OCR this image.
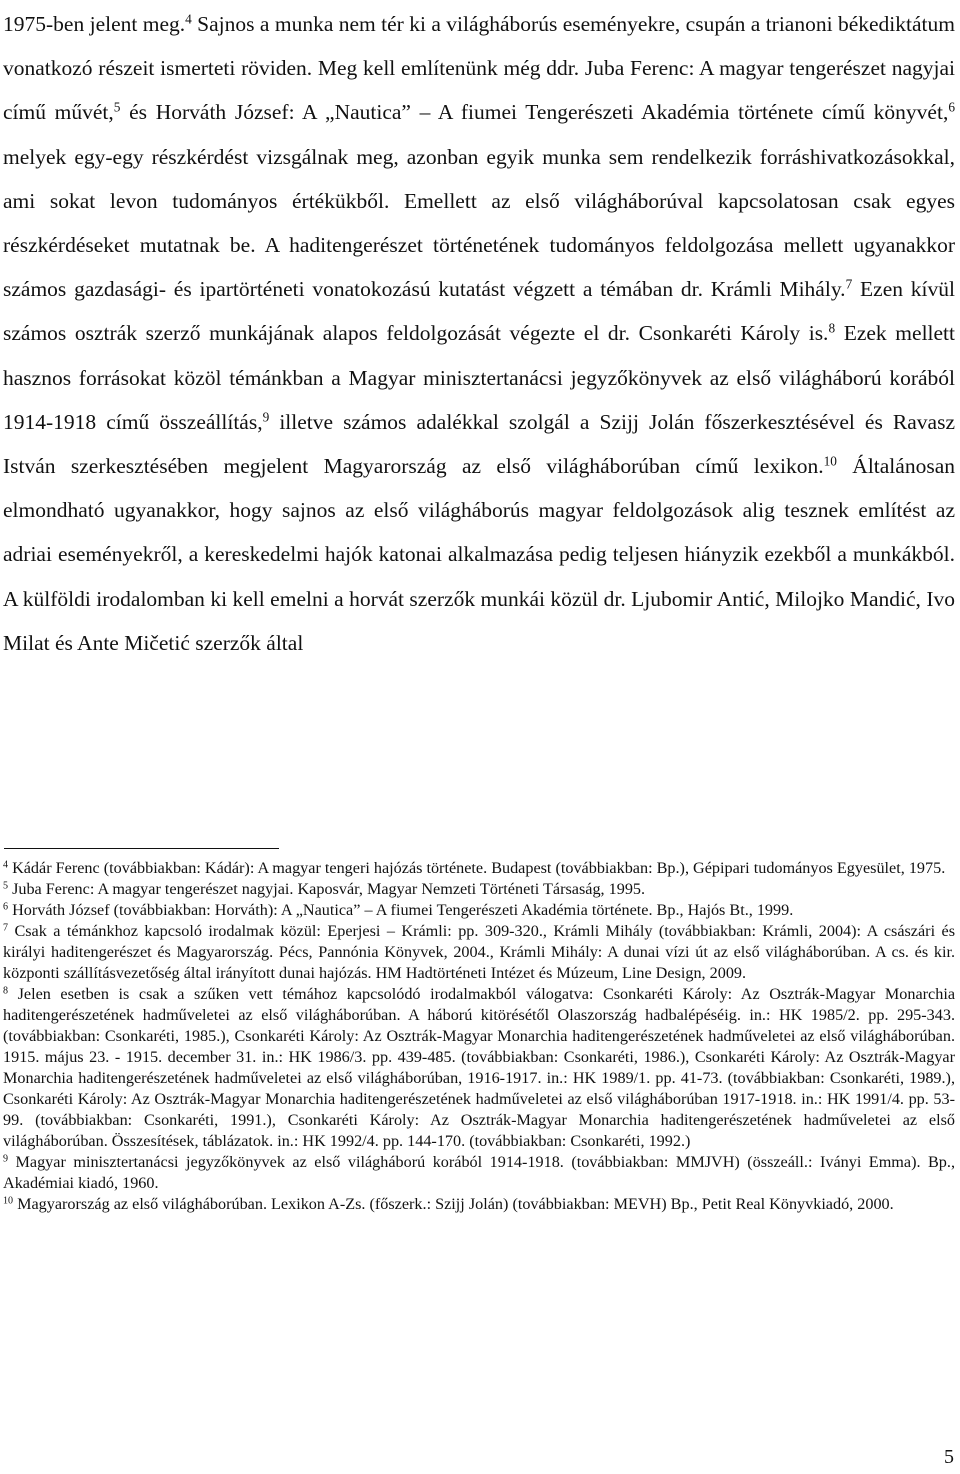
1975-ben jelent meg.$^4$ Sajnos a munka nem tér ki a világháborús eseményekre, csupán a trianoni békediktátum vonatkozó részeit ismerteti röviden. Meg kell említenünk még ddr. Juba Ferenc: A magyar tengerészet nagyjai című művét,$^5$ és Horváth József: A „Nautica” – A fiumei Tengerészeti Akadémia története című könyvét,$^6$ melyek egy-egy részkérdést vizsgálnak meg, azonban egyik munka sem rendelkezik forráshivatkozásokkal, ami sokat levon tudományos értékükből. Emellett az első világháborúval kapcsolatosan csak egyes részkérdéseket mutatnak be. A haditengerészet történetének tudományos feldolgozása mellett ugyanakkor számos gazdasági- és ipartörténeti vonatokozású kutatást végzett a témában dr. Krámli Mihály.$^7$ Ezen kívül számos osztrák szerző munkájának alapos feldolgozását végezte el dr. Csonkaréti Károly is.$^8$ Ezek mellett hasznos forrásokat közöl témánkban a Magyar minisztertanácsi jegyzőkönyvek az első világháború korából 1914-1918 című összeállítás,$^9$ illetve számos adalékkal szolgál a Szijj Jolán főszerkesztésével és Ravasz István szerkesztésében megjelent Magyarország az első világháborúban című lexikon.$^{10}$ Általánosan elmondható ugyanakkor, hogy sajnos az első világháborús magyar feldolgozások alig tesznek említést az adriai eseményekről, a kereskedelmi hajók katonai alkalmazása pedig teljesen hiányzik ezekből a munkákból. A külföldi irodalomban ki kell emelni a horvát szerzők munkái közül dr. Ljubomir Antić, Milojko Mandić, Ivo Milat és Ante Mičetić szerzők által

$^4$ Kádár Ferenc (továbbiakban: Kádár): A magyar tengeri hajózás története. Budapest (továbbiakban: Bp.), Gépipari tudományos Egyesület, 1975.

$^5$ Juba Ferenc: A magyar tengerészet nagyjai. Kaposvár, Magyar Nemzeti Történeti Társaság, 1995.

$^6$ Horváth József (továbbiakban: Horváth): A „Nautica” – A fiumei Tengerészeti Akadémia története. Bp., Hajós Bt., 1999.

$^7$ Csak a témánkhoz kapcsoló irodalmak közül: Eperjesi – Krámli: pp. 309-320., Krámli Mihály (továbbiakban: Krámli, 2004): A császári és királyi haditengerészet és Magyarország. Pécs, Pannónia Könyvek, 2004., Krámli Mihály: A dunai vízi út az első világháborúban. A cs. és kir. központi szállításvezetőség által irányított dunai hajózás. HM Hadtörténeti Intézet és Múzeum, Line Design, 2009.

$^8$ Jelen esetben is csak a szűken vett témához kapcsolódó irodalmakból válogatva: Csonkaréti Károly: Az Osztrák-Magyar Monarchia haditengerészetének hadműveletei az első világháborúban. A háború kitörésétől Olaszország hadbalépéséig. in.: HK 1985/2. pp. 295-343. (továbbiakban: Csonkaréti, 1985.), Csonkaréti Károly: Az Osztrák-Magyar Monarchia haditengerészetének hadműveletei az első világháborúban. 1915. május 23. - 1915. december 31. in.: HK 1986/3. pp. 439-485. (továbbiakban: Csonkaréti, 1986.), Csonkaréti Károly: Az Osztrák-Magyar Monarchia haditengerészetének hadműveletei az első világháborúban, 1916-1917. in.: HK 1989/1. pp. 41-73. (továbbiakban: Csonkaréti, 1989.), Csonkaréti Károly: Az Osztrák-Magyar Monarchia haditengerészetének hadműveletei az első világháborúban 1917-1918. in.: HK 1991/4. pp. 53-99. (továbbiakban: Csonkaréti, 1991.), Csonkaréti Károly: Az Osztrák-Magyar Monarchia haditengerészetének hadműveletei az első világháborúban. Összesítések, táblázatok. in.: HK 1992/4. pp. 144-170. (továbbiakban: Csonkaréti, 1992.)

$^9$ Magyar minisztertanácsi jegyzőkönyvek az első világháború korából 1914-1918. (továbbiakban: MMJVH) (összeáll.: Iványi Emma). Bp., Akadémiai kiadó, 1960.

$^{10}$ Magyarország az első világháborúban. Lexikon A-Zs. (főszerk.: Szijj Jolán) (továbbiakban: MEVH) Bp., Petit Real Könyvkiadó, 2000.

5
